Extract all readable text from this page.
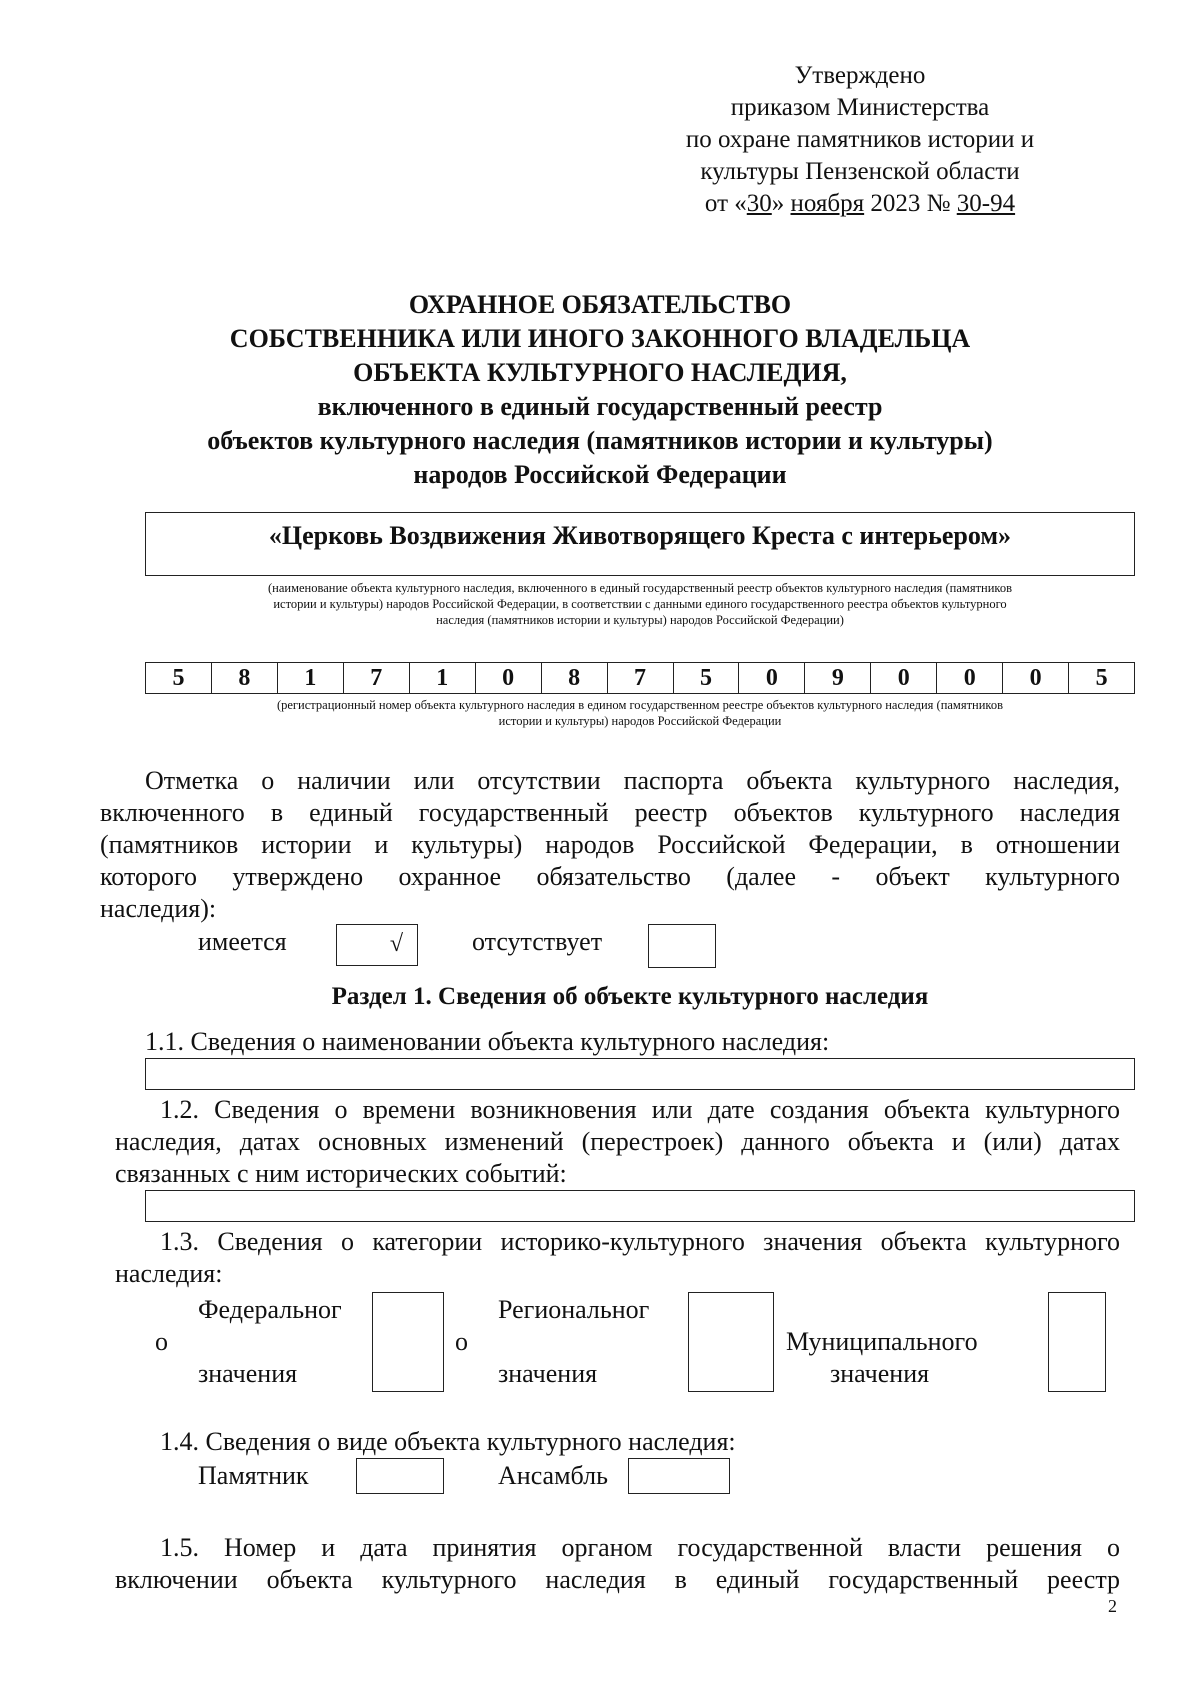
Утверждено
приказом Министерства
по охране памятников истории и
культуры Пензенской области
от «30» ноября 2023 № 30-94
ОХРАННОЕ ОБЯЗАТЕЛЬСТВО
СОБСТВЕННИКА ИЛИ ИНОГО ЗАКОННОГО ВЛАДЕЛЬЦА
ОБЪЕКТА КУЛЬТУРНОГО НАСЛЕДИЯ,
включенного в единый государственный реестр
объектов культурного наследия (памятников истории и культуры)
народов Российской Федерации
«Церковь Воздвижения Животворящего Креста с интерьером»
(наименование объекта культурного наследия, включенного в единый государственный реестр объектов культурного наследия (памятников
истории и культуры) народов Российской Федерации, в соответствии с данными единого государственного реестра объектов культурного
наследия (памятников истории и культуры) народов Российской Федерации)
5	8	1	7	1	0	8	7	5	0	9	0	0	0	5
(регистрационный номер объекта культурного наследия в едином государственном реестре объектов культурного наследия (памятников
истории и культуры) народов Российской Федерации
Отметка о наличии или отсутствии паспорта объекта культурного наследия,
включенного в единый государственный реестр объектов культурного наследия
(памятников истории и культуры) народов Российской Федерации, в отношении
которого утверждено охранное обязательство (далее - объект культурного
наследия):
имеется	√	отсутствует
Раздел 1. Сведения об объекте культурного наследия
1.1. Сведения о наименовании объекта культурного наследия:
1.2. Сведения о времени возникновения или дате создания объекта культурного
наследия, датах основных изменений (перестроек) данного объекта и (или) датах
связанных с ним исторических событий:
1.3. Сведения о категории историко-культурного значения объекта культурного
наследия:
Федеральног
о
значения
Региональног
о
значения
Муниципального
значения
1.4. Сведения о виде объекта культурного наследия:
Памятник	Ансамбль
1.5. Номер и дата принятия органом государственной власти решения о
включении объекта культурного наследия в единый государственный реестр
2
